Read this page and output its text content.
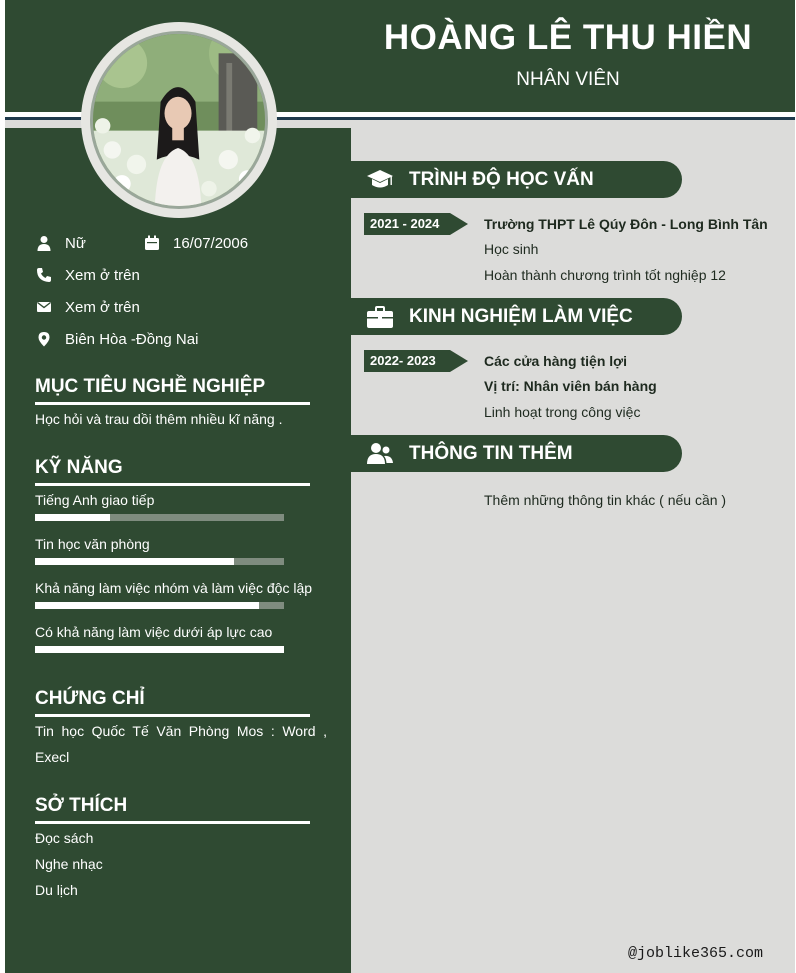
HOÀNG LÊ THU HIỀN
NHÂN VIÊN
Nữ	16/07/2006
Xem ở trên
Xem ở trên
Biên Hòa -Đồng Nai
MỤC TIÊU NGHỀ NGHIỆP
Học hỏi và trau dồi thêm nhiều kĩ năng .
KỸ NĂNG
Tiếng Anh giao tiếp
Tin học văn phòng
Khả năng làm việc nhóm và làm việc độc lập
Có khả năng làm việc dưới áp lực cao
CHỨNG CHỈ
Tin học Quốc Tế Văn Phòng Mos : Word ,
Execl
SỞ THÍCH
Đọc sách
Nghe nhạc
Du lịch
TRÌNH ĐỘ HỌC VẤN
2021 - 2024	Trường THPT Lê Qúy Đôn - Long Bình Tân
Học sinh
Hoàn thành chương trình tốt nghiệp 12
KINH NGHIỆM LÀM VIỆC
2022- 2023	Các cửa hàng tiện lợi
Vị trí: Nhân viên bán hàng
Linh hoạt trong công việc
THÔNG TIN THÊM
Thêm những thông tin khác ( nếu cần )
@joblike365.com
